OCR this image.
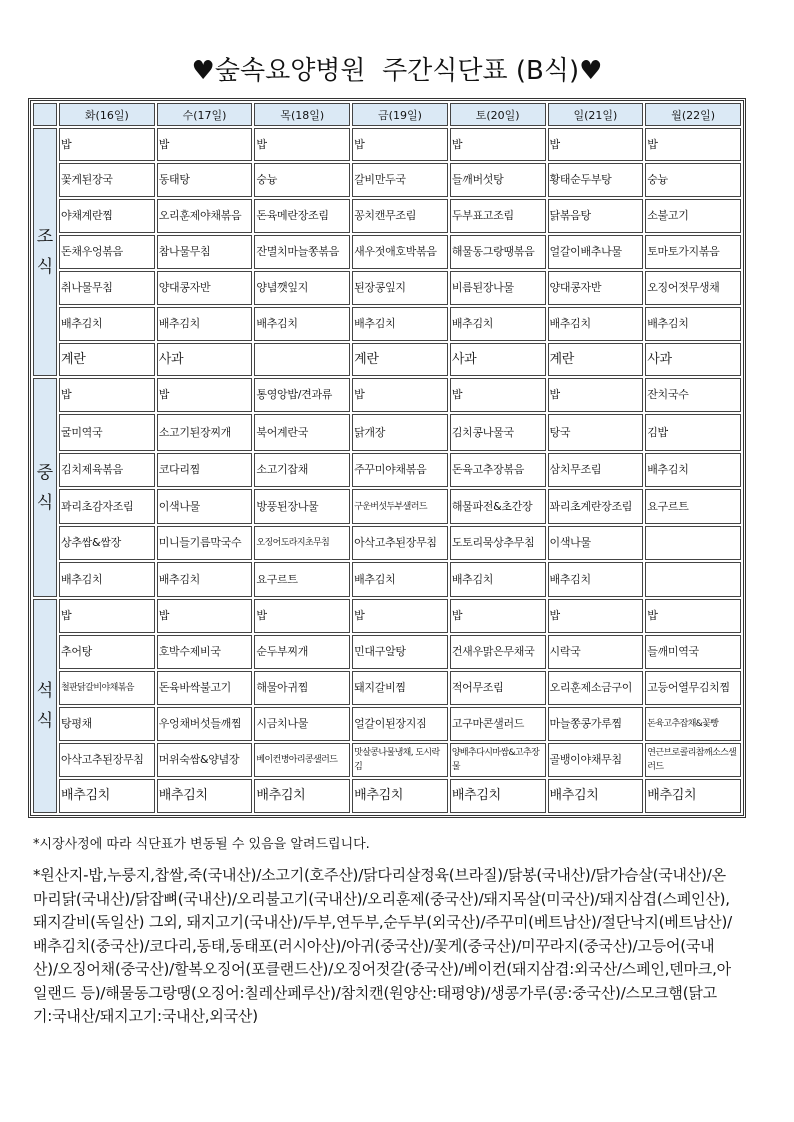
♥숲속요양병원  주간식단표 (B식)♥
	화(16일)	수(17일)	목(18일)	금(19일)	토(20일)	일(21일)	월(22일)
조
식	밥	밥	밥	밥	밥	밥	밥
	꽃게된장국	동태탕	숭늉	갈비만두국	들깨버섯탕	황태순두부탕	숭늉
	야채계란찜	오리훈제야채볶음	돈육메란장조림	꽁치캔무조림	두부표고조림	닭볶음탕	소불고기
	돈채우엉볶음	참나물무침	잔멸치마늘쫑볶음	새우젓애호박볶음	해물동그랑땡볶음	얼갈이배추나물	토마토가지볶음
	취나물무침	양대콩자반	양념깻잎지	된장콩잎지	비름된장나물	양대콩자반	오징어젓무생채
	배추김치	배추김치	배추김치	배추김치	배추김치	배추김치	배추김치
	계란	사과		계란	사과	계란	사과
중
식	밥	밥	통영앙밥/견과류	밥	밥	밥	잔치국수
	굴미역국	소고기된장찌개	북어계란국	닭개장	김치콩나물국	탕국	김밥
	김치제육볶음	코다리찜	소고기잡채	주꾸미야채볶음	돈육고추장볶음	삼치무조림	배추김치
	꽈리초감자조림	이색나물	방풍된장나물	구운버섯두부샐러드	해물파전&초간장	꽈리초계란장조림	요구르트
	상추쌈&쌈장	미니들기름막국수	오징어도라지초무침	아삭고추된장무침	도토리묵상추무침	이색나물	
	배추김치	배추김치	요구르트	배추김치	배추김치	배추김치	
석
식	밥	밥	밥	밥	밥	밥	밥
	추어탕	호박수제비국	순두부찌개	민대구알탕	건새우맑은무채국	시락국	들깨미역국
	철판닭갈비야채볶음	돈육바싹불고기	해물아귀찜	돼지갈비찜	적어무조림	오리훈제소금구이	고등어열무김치찜
	탕평채	우엉채버섯들깨찜	시금치나물	얼갈이된장지짐	고구마콘샐러드	마늘쫑콩가루찜	돈육고추잡채&꽃빵
	아삭고추된장무침	머위숙쌈&양념장	베이컨병아리콩샐러드	맛살콩나물냉채, 도시락김	양배추다시마쌈&고추장물	골뱅이야채무침	연근브로콜리참깨소스샐러드
	배추김치	배추김치	배추김치	배추김치	배추김치	배추김치	배추김치
*시장사정에 따라 식단표가 변동될 수 있음을 알려드립니다.
*원산지-밥,누룽지,찹쌀,죽(국내산)/소고기(호주산)/닭다리살정육(브라질)/닭봉(국내산)/닭가슴살(국내산)/온마리닭(국내산)/닭잡뼈(국내산)/오리불고기(국내산)/오리훈제(중국산)/돼지목살(미국산)/돼지삼겹(스페인산),돼지갈비(독일산) 그외, 돼지고기(국내산)/두부,연두부,순두부(외국산)/주꾸미(베트남산)/절단낙지(베트남산)/배추김치(중국산)/코다리,동태,동태포(러시아산)/아귀(중국산)/꽃게(중국산)/미꾸라지(중국산)/고등어(국내산)/오징어채(중국산)/할복오징어(포클랜드산)/오징어젓갈(중국산)/베이컨(돼지삼겹:외국산/스페인,덴마크,아일랜드 등)/해물동그랑땡(오징어:칠레산페루산)/참치캔(원양산:태평양)/생콩가루(콩:중국산)/스모크햄(닭고기:국내산/돼지고기:국내산,외국산)
